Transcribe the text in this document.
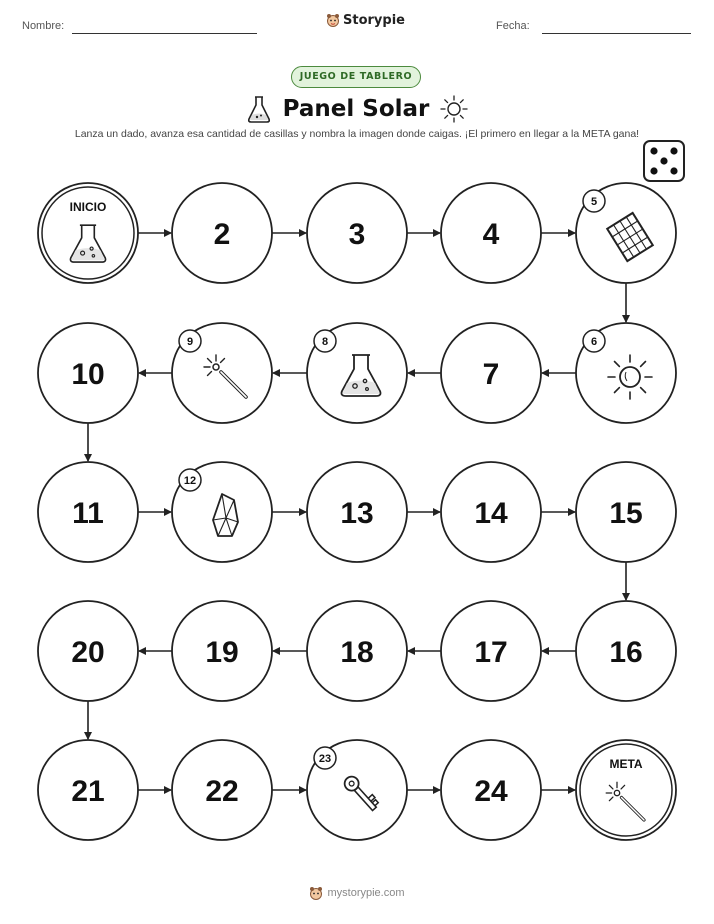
Nombre:	Storypie	Fecha:
JUEGO DE TABLERO
Panel Solar
Lanza un dado, avanza esa cantidad de casillas y nombra la imagen donde caigas. ¡El primero en llegar a la META gana!
INICIO
2	3	4
5
6
7
8
9
10
11
12
13	14	15
16
17
18
19
20
21	22
23
24
META
mystorypie.com
